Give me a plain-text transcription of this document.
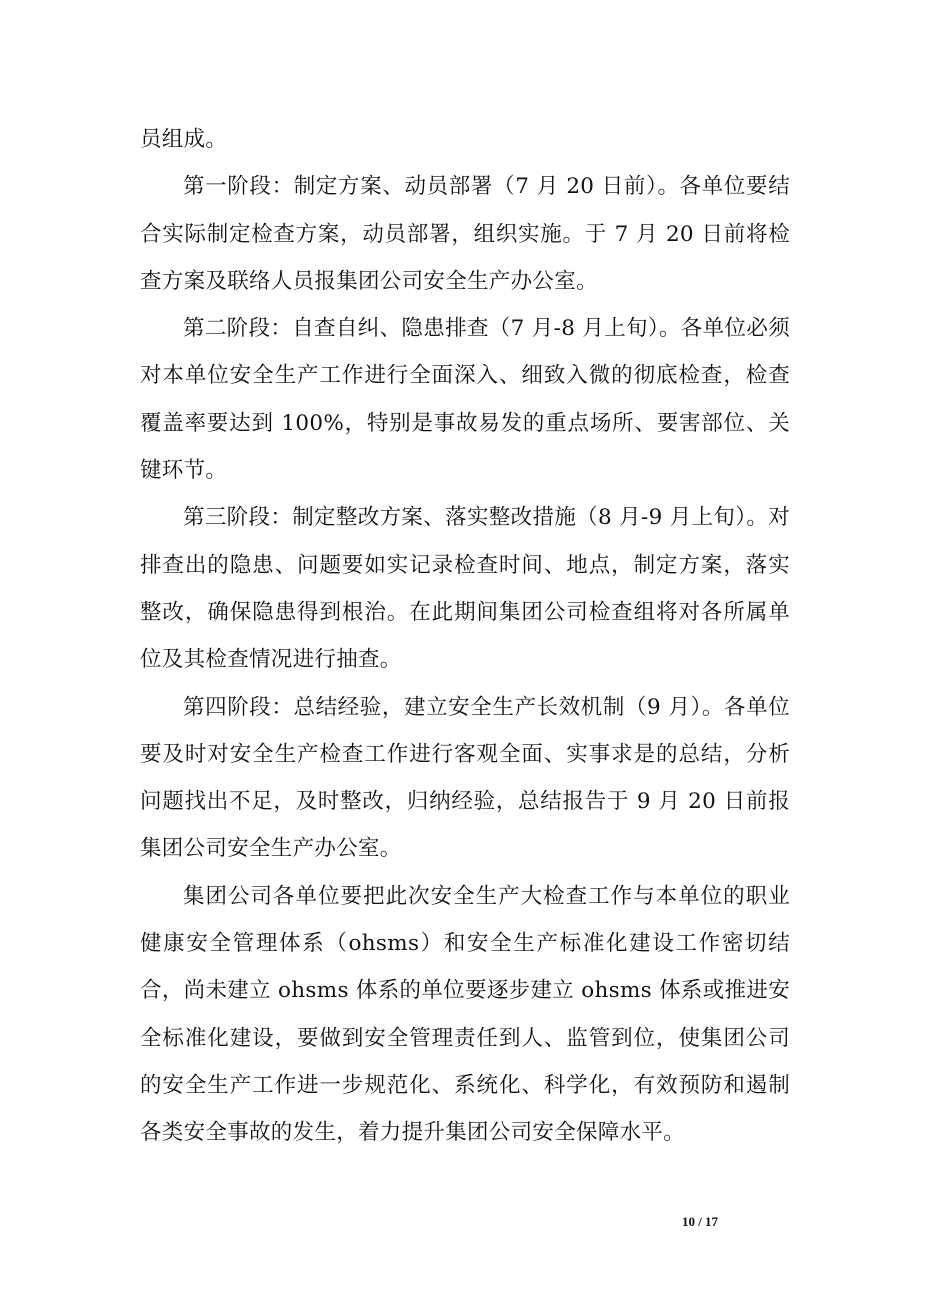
员组成。

第一阶段：制定方案、动员部署（7 月 20 日前）。各单位要结合实际制定检查方案，动员部署，组织实施。于 7 月 20 日前将检查方案及联络人员报集团公司安全生产办公室。

第二阶段：自查自纠、隐患排查（7 月-8 月上旬）。各单位必须对本单位安全生产工作进行全面深入、细致入微的彻底检查，检查覆盖率要达到 100%，特别是事故易发的重点场所、要害部位、关键环节。

第三阶段：制定整改方案、落实整改措施（8 月-9 月上旬）。对排查出的隐患、问题要如实记录检查时间、地点，制定方案，落实整改，确保隐患得到根治。在此期间集团公司检查组将对各所属单位及其检查情况进行抽查。

第四阶段：总结经验，建立安全生产长效机制（9 月）。各单位要及时对安全生产检查工作进行客观全面、实事求是的总结，分析问题找出不足，及时整改，归纳经验，总结报告于 9 月 20 日前报集团公司安全生产办公室。

集团公司各单位要把此次安全生产大检查工作与本单位的职业健康安全管理体系（ohsms）和安全生产标准化建设工作密切结合，尚未建立 ohsms 体系的单位要逐步建立 ohsms 体系或推进安全标准化建设，要做到安全管理责任到人、监管到位，使集团公司的安全生产工作进一步规范化、系统化、科学化，有效预防和遏制各类安全事故的发生，着力提升集团公司安全保障水平。

10 / 17
